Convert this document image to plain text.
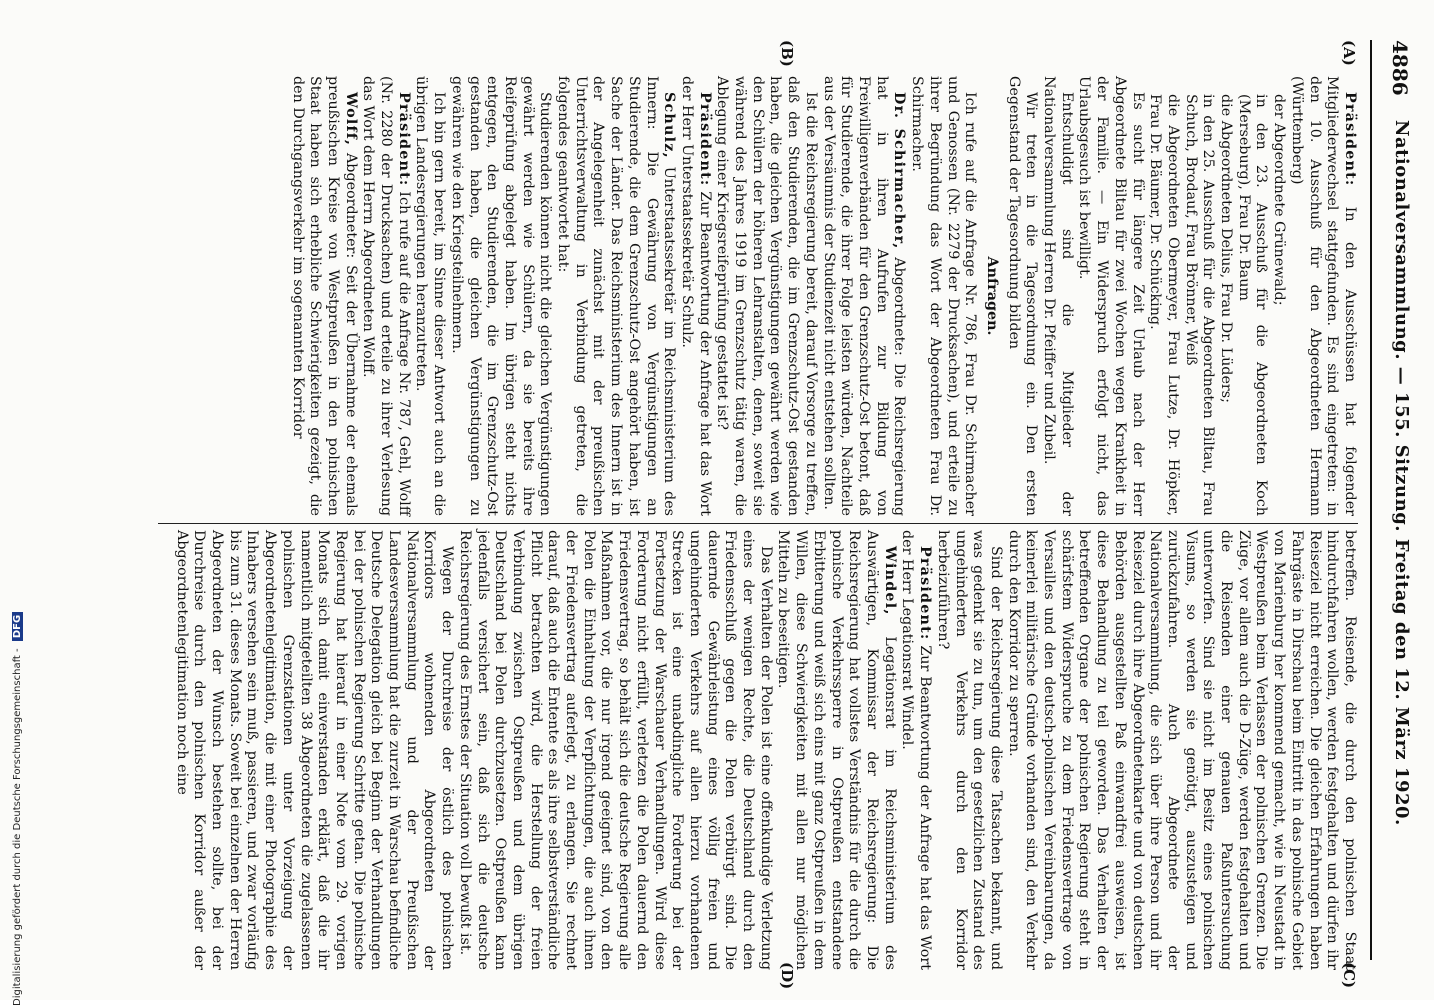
4886
Nationalversammlung. — 155. Sitzung. Freitag den 12. März 1920.
(A)
(B)
(C)
(D)

Präsident: In den Ausschüssen hat folgender Mitgliederwechsel stattgefunden. Es sind eingetreten: in den 10. Ausschuß für den Abgeordneten Hermann (Württemberg)

der Abgeordnete Grünewald;

in den 23. Ausschuß für die Abgeordneten Koch (Merseburg), Frau Dr. Baum

die Abgeordneten Delius, Frau Dr. Lüders;

in den 25. Ausschuß für die Abgeordneten Biltau, Frau Schuch, Brodauf, Frau Brönner, Weiß

die Abgeordneten Obermeyer, Frau Lutze, Dr. Höpker, Frau Dr. Bäumer, Dr. Schücking.

Es sucht für längere Zeit Urlaub nach der Herr Abgeordnete Biltau für zwei Wochen wegen Krankheit in der Familie. — Ein Widerspruch erfolgt nicht, das Urlaubsgesuch ist bewilligt.

Entschuldigt sind die Mitglieder der Nationalversammlung Herren Dr. Pfeiffer und Zubeil.

Wir treten in die Tagesordnung ein. Den ersten Gegenstand der Tagesordnung bilden

Anfragen.

Ich rufe auf die Anfrage Nr. 786, Frau Dr. Schirmacher und Genossen (Nr. 2279 der Drucksachen), und erteile zu ihrer Begründung das Wort der Abgeordneten Frau Dr. Schirmacher.

Dr. Schirmacher, Abgeordnete: Die Reichsregierung hat in ihren Aufrufen zur Bildung von Freiwilligenverbänden für den Grenzschutz-Ost betont, daß für Studierende, die ihrer Folge leisten würden, Nachteile aus der Versäumnis der Studienzeit nicht entstehen sollten.

Ist die Reichsregierung bereit, darauf Vorsorge zu treffen, daß den Studierenden, die im Grenzschutz-Ost gestanden haben, die gleichen Vergünstigungen gewährt werden wie den Schülern der höheren Lehranstalten, denen, soweit sie während des Jahres 1919 im Grenzschutz tätig waren, die Ablegung einer Kriegsreifeprüfung gestattet ist?

Präsident: Zur Beantwortung der Anfrage hat das Wort der Herr Unterstaatssekretär Schulz.

Schulz, Unterstaatssekretär im Reichsministerium des Innern: Die Gewährung von Vergünstigungen an Studierende, die dem Grenzschutz-Ost angehört haben, ist Sache der Länder. Das Reichsministerium des Innern ist in der Angelegenheit zunächst mit der preußischen Unterrichtsverwaltung in Verbindung getreten, die folgendes geantwortet hat:

Studierenden können nicht die gleichen Vergünstigungen gewährt werden wie Schülern, da sie bereits ihre Reifeprüfung abgelegt haben. Im übrigen steht nichts entgegen, den Studierenden, die im Grenzschutz-Ost gestanden haben, die gleichen Vergünstigungen zu gewähren wie den Kriegsteilnehmern.

Ich bin gern bereit, im Sinne dieser Antwort auch an die übrigen Landesregierungen heranzutreten.

Präsident: Ich rufe auf die Anfrage Nr. 787, Gehl, Wolff (Nr. 2280 der Drucksachen) und erteile zu ihrer Verlesung das Wort dem Herrn Abgeordneten Wolff.

Wolff, Abgeordneter: Seit der Übernahme der ehemals preußischen Kreise von Westpreußen in den polnischen Staat haben sich erhebliche Schwierigkeiten gezeigt, die den Durchgangsverkehr im sogenannten Korridor

betreffen. Reisende, die durch den polnischen Staat hindurchfahren wollen, werden festgehalten und dürfen ihr Reiseziel nicht erreichen. Die gleichen Erfahrungen haben Fahrgäste in Dirschau beim Eintritt in das polnische Gebiet von Marienburg her kommend gemacht, wie in Neustadt in Westpreußen beim Verlassen der polnischen Grenzen. Die Züge, vor allem auch die D-Züge, werden festgehalten und die Reisenden einer genauen Paßuntersuchung unterworfen. Sind sie nicht im Besitz eines polnischen Visums, so werden sie genötigt, auszusteigen und zurückzufahren. Auch Abgeordnete der Nationalversammlung, die sich über ihre Person und ihr Reiseziel durch ihre Abgeordnetenkarte und von deutschen Behörden ausgestellten Paß einwandfrei ausweisen, ist diese Behandlung zu teil geworden. Das Verhalten der betreffenden Organe der polnischen Regierung steht in schärfstem Widerspruche zu dem Friedensvertrage von Versailles und den deutsch-polnischen Vereinbarungen, da keinerlei militärische Gründe vorhanden sind, den Verkehr durch den Korridor zu sperren.

Sind der Reichsregierung diese Tatsachen bekannt, und was gedenkt sie zu tun, um den gesetzlichen Zustand des ungehinderten Verkehrs durch den Korridor herbeizuführen?

Präsident: Zur Beantwortung der Anfrage hat das Wort der Herr Legationsrat Windel.

Windel, Legationsrat im Reichsministerium des Auswärtigen, Kommissar der Reichsregierung: Die Reichsregierung hat vollstes Verständnis für die durch die polnische Verkehrssperre in Ostpreußen entstandene Erbitterung und weiß sich eins mit ganz Ostpreußen in dem Willen, diese Schwierigkeiten mit allen nur möglichen Mitteln zu beseitigen.

Das Verhalten der Polen ist eine offenkundige Verletzung eines der wenigen Rechte, die Deutschland durch den Friedensschluß gegen die Polen verbürgt sind. Die dauernde Gewährleistung eines völlig freien und ungehinderten Verkehrs auf allen hierzu vorhandenen Strecken ist eine unabdingliche Forderung bei der Fortsetzung der Warschauer Verhandlungen. Wird diese Forderung nicht erfüllt, verletzen die Polen dauernd den Friedensvertrag, so behält sich die deutsche Regierung alle Maßnahmen vor, die nur irgend geeignet sind, von den Polen die Einhaltung der Verpflichtungen, die auch ihnen der Friedensvertrag auferlegt, zu erlangen. Sie rechnet darauf, daß auch die Entente es als ihre selbstverständliche Pflicht betrachten wird, die Herstellung der freien Verbindung zwischen Ostpreußen und dem übrigen Deutschland bei Polen durchzusetzen. Ostpreußen kann jedenfalls versichert sein, daß sich die deutsche Reichsregierung des Ernstes der Situation voll bewußt ist.

Wegen der Durchreise der östlich des polnischen Korridors wohnenden Abgeordneten der Nationalversammlung und der Preußischen Landesversammlung hat die zurzeit in Warschau befindliche Deutsche Delegation gleich bei Beginn der Verhandlungen bei der polnischen Regierung Schritte getan. Die polnische Regierung hat hierauf in einer Note vom 29. vorigen Monats sich damit einverstanden erklärt, daß die ihr namentlich mitgeteilten 38 Abgeordneten die zugelassenen polnischen Grenzstationen unter Vorzeigung der Abgeordnetenlegitimation, die mit einer Photographie des Inhabers versehen sein muß, passieren, und zwar vorläufig bis zum 31. dieses Monats. Soweit bei einzelnen der Herren Abgeordneten der Wunsch bestehen sollte, bei der Durchreise durch den polnischen Korridor außer der Abgeordnetenlegitimation noch eine

Digitalisierung gefördert durch die Deutsche Forschungsgemeinschaft - DFG
